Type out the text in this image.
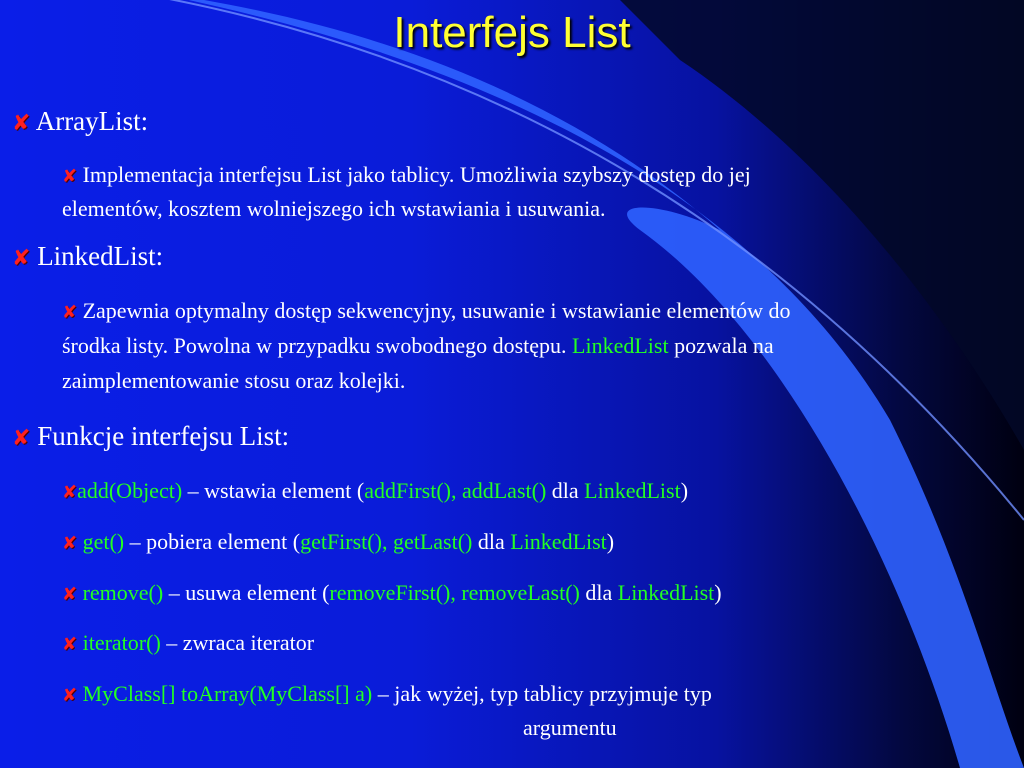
Interfejs List
✘ ArrayList:
✘ Implementacja interfejsu List jako tablicy. Umożliwia szybszy dostęp do jej
elementów, kosztem wolniejszego ich wstawiania i usuwania.
✘ LinkedList:
✘ Zapewnia optymalny dostęp sekwencyjny, usuwanie i wstawianie elementów do
środka listy. Powolna w przypadku swobodnego dostępu. LinkedList pozwala na
zaimplementowanie stosu oraz kolejki.
✘ Funkcje interfejsu List:
✘add(Object) – wstawia element (addFirst(), addLast() dla LinkedList)
✘ get() – pobiera element (getFirst(), getLast() dla LinkedList)
✘ remove() – usuwa element (removeFirst(), removeLast() dla LinkedList)
✘ iterator() – zwraca iterator
✘ MyClass[] toArray(MyClass[] a) – jak wyżej, typ tablicy przyjmuje typ
argumentu
